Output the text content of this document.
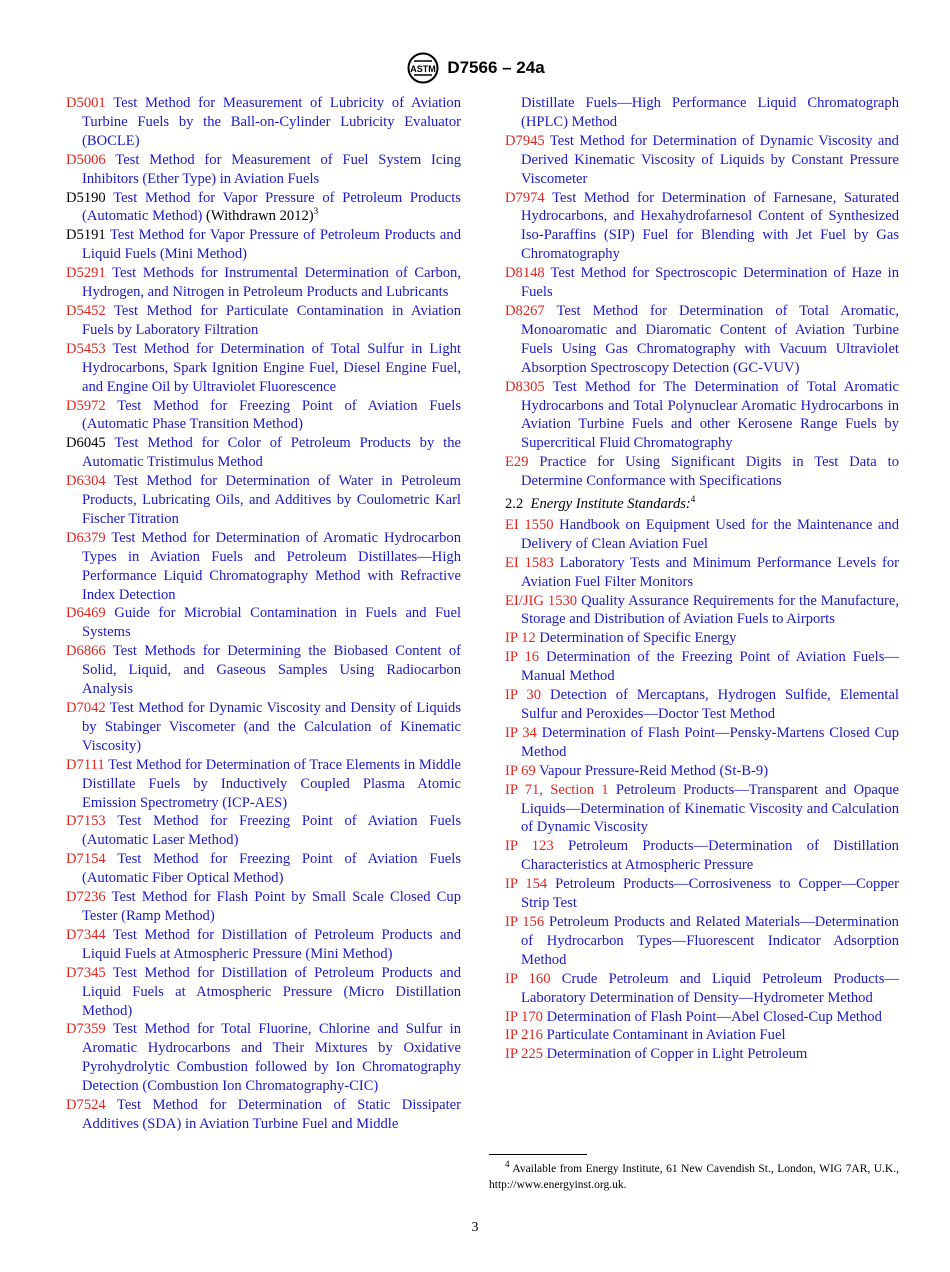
ASTM D7566 – 24a
D5001 Test Method for Measurement of Lubricity of Aviation Turbine Fuels by the Ball-on-Cylinder Lubricity Evaluator (BOCLE)
D5006 Test Method for Measurement of Fuel System Icing Inhibitors (Ether Type) in Aviation Fuels
D5190 Test Method for Vapor Pressure of Petroleum Products (Automatic Method) (Withdrawn 2012)$^3$
D5191 Test Method for Vapor Pressure of Petroleum Products and Liquid Fuels (Mini Method)
D5291 Test Methods for Instrumental Determination of Carbon, Hydrogen, and Nitrogen in Petroleum Products and Lubricants
D5452 Test Method for Particulate Contamination in Aviation Fuels by Laboratory Filtration
D5453 Test Method for Determination of Total Sulfur in Light Hydrocarbons, Spark Ignition Engine Fuel, Diesel Engine Fuel, and Engine Oil by Ultraviolet Fluorescence
D5972 Test Method for Freezing Point of Aviation Fuels (Automatic Phase Transition Method)
D6045 Test Method for Color of Petroleum Products by the Automatic Tristimulus Method
D6304 Test Method for Determination of Water in Petroleum Products, Lubricating Oils, and Additives by Coulometric Karl Fischer Titration
D6379 Test Method for Determination of Aromatic Hydrocarbon Types in Aviation Fuels and Petroleum Distillates—High Performance Liquid Chromatography Method with Refractive Index Detection
D6469 Guide for Microbial Contamination in Fuels and Fuel Systems
D6866 Test Methods for Determining the Biobased Content of Solid, Liquid, and Gaseous Samples Using Radiocarbon Analysis
D7042 Test Method for Dynamic Viscosity and Density of Liquids by Stabinger Viscometer (and the Calculation of Kinematic Viscosity)
D7111 Test Method for Determination of Trace Elements in Middle Distillate Fuels by Inductively Coupled Plasma Atomic Emission Spectrometry (ICP-AES)
D7153 Test Method for Freezing Point of Aviation Fuels (Automatic Laser Method)
D7154 Test Method for Freezing Point of Aviation Fuels (Automatic Fiber Optical Method)
D7236 Test Method for Flash Point by Small Scale Closed Cup Tester (Ramp Method)
D7344 Test Method for Distillation of Petroleum Products and Liquid Fuels at Atmospheric Pressure (Mini Method)
D7345 Test Method for Distillation of Petroleum Products and Liquid Fuels at Atmospheric Pressure (Micro Distillation Method)
D7359 Test Method for Total Fluorine, Chlorine and Sulfur in Aromatic Hydrocarbons and Their Mixtures by Oxidative Pyrohydrolytic Combustion followed by Ion Chromatography Detection (Combustion Ion Chromatography-CIC)
D7524 Test Method for Determination of Static Dissipater Additives (SDA) in Aviation Turbine Fuel and Middle
Distillate Fuels—High Performance Liquid Chromatograph (HPLC) Method
D7945 Test Method for Determination of Dynamic Viscosity and Derived Kinematic Viscosity of Liquids by Constant Pressure Viscometer
D7974 Test Method for Determination of Farnesane, Saturated Hydrocarbons, and Hexahydrofarnesol Content of Synthesized Iso-Paraffins (SIP) Fuel for Blending with Jet Fuel by Gas Chromatography
D8148 Test Method for Spectroscopic Determination of Haze in Fuels
D8267 Test Method for Determination of Total Aromatic, Monoaromatic and Diaromatic Content of Aviation Turbine Fuels Using Gas Chromatography with Vacuum Ultraviolet Absorption Spectroscopy Detection (GC-VUV)
D8305 Test Method for The Determination of Total Aromatic Hydrocarbons and Total Polynuclear Aromatic Hydrocarbons in Aviation Turbine Fuels and other Kerosene Range Fuels by Supercritical Fluid Chromatography
E29 Practice for Using Significant Digits in Test Data to Determine Conformance with Specifications
2.2 Energy Institute Standards:$^4$
EI 1550 Handbook on Equipment Used for the Maintenance and Delivery of Clean Aviation Fuel
EI 1583 Laboratory Tests and Minimum Performance Levels for Aviation Fuel Filter Monitors
EI/JIG 1530 Quality Assurance Requirements for the Manufacture, Storage and Distribution of Aviation Fuels to Airports
IP 12 Determination of Specific Energy
IP 16 Determination of the Freezing Point of Aviation Fuels—Manual Method
IP 30 Detection of Mercaptans, Hydrogen Sulfide, Elemental Sulfur and Peroxides—Doctor Test Method
IP 34 Determination of Flash Point—Pensky-Martens Closed Cup Method
IP 69 Vapour Pressure-Reid Method (St-B-9)
IP 71, Section 1 Petroleum Products—Transparent and Opaque Liquids—Determination of Kinematic Viscosity and Calculation of Dynamic Viscosity
IP 123 Petroleum Products—Determination of Distillation Characteristics at Atmospheric Pressure
IP 154 Petroleum Products—Corrosiveness to Copper—Copper Strip Test
IP 156 Petroleum Products and Related Materials—Determination of Hydrocarbon Types—Fluorescent Indicator Adsorption Method
IP 160 Crude Petroleum and Liquid Petroleum Products—Laboratory Determination of Density—Hydrometer Method
IP 170 Determination of Flash Point—Abel Closed-Cup Method
IP 216 Particulate Contaminant in Aviation Fuel
IP 225 Determination of Copper in Light Petroleum
$^4$ Available from Energy Institute, 61 New Cavendish St., London, WIG 7AR, U.K., http://www.energyinst.org.uk.
3
